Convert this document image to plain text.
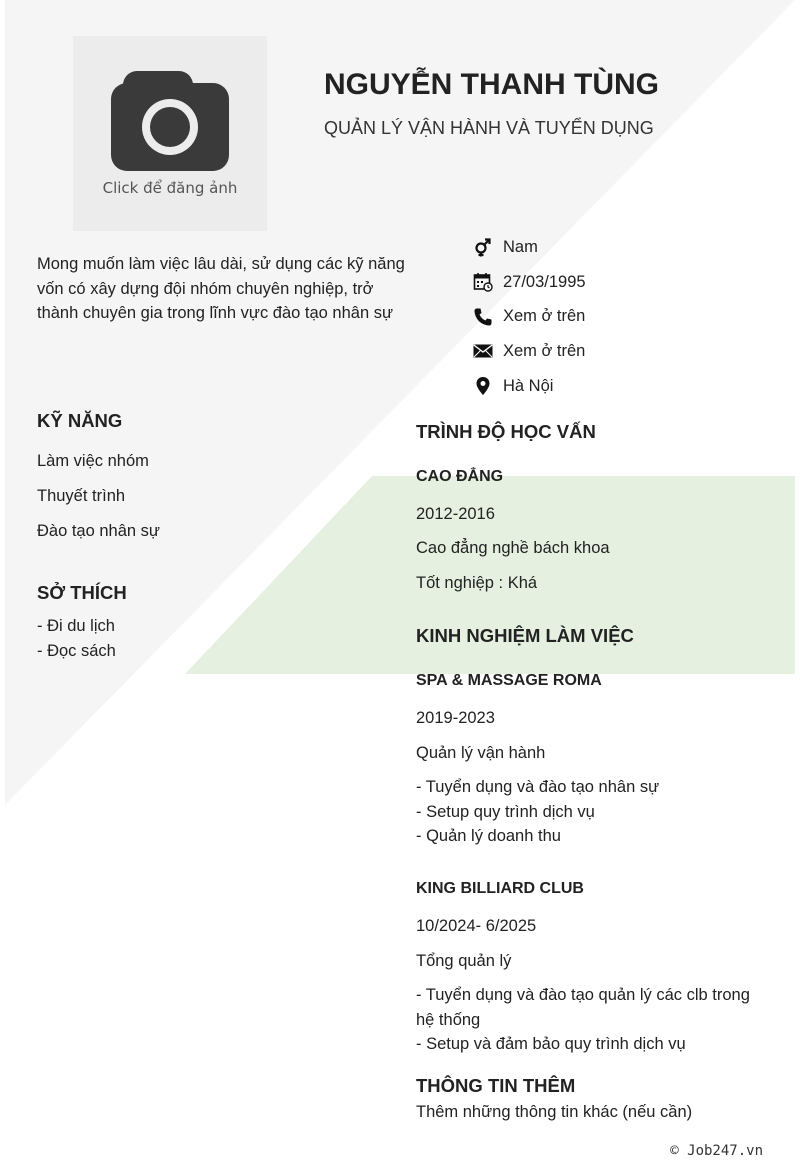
Click để đăng ảnh
NGUYỄN THANH TÙNG
QUẢN LÝ VẬN HÀNH VÀ TUYỂN DỤNG
Mong muốn làm việc lâu dài, sử dụng các kỹ năng vốn có xây dựng đội nhóm chuyên nghiệp, trở thành chuyên gia trong lĩnh vực đào tạo nhân sự
Nam
27/03/1995
Xem ở trên
Xem ở trên
Hà Nội
KỸ NĂNG
Làm việc nhóm
Thuyết trình
Đào tạo nhân sự
SỞ THÍCH
- Đi du lịch
- Đọc sách
TRÌNH ĐỘ HỌC VẤN
CAO ĐẲNG
2012-2016
Cao đẳng nghề bách khoa
Tốt nghiệp : Khá
KINH NGHIỆM LÀM VIỆC
SPA & MASSAGE ROMA
2019-2023
Quản lý vận hành
- Tuyển dụng và đào tạo nhân sự
- Setup quy trình dịch vụ
- Quản lý doanh thu
KING BILLIARD CLUB
10/2024- 6/2025
Tổng quản lý
- Tuyển dụng và đào tạo quản lý các clb trong
hệ thống
- Setup và đảm bảo quy trình dịch vụ
THÔNG TIN THÊM
Thêm những thông tin khác (nếu cần)
© Job247.vn
